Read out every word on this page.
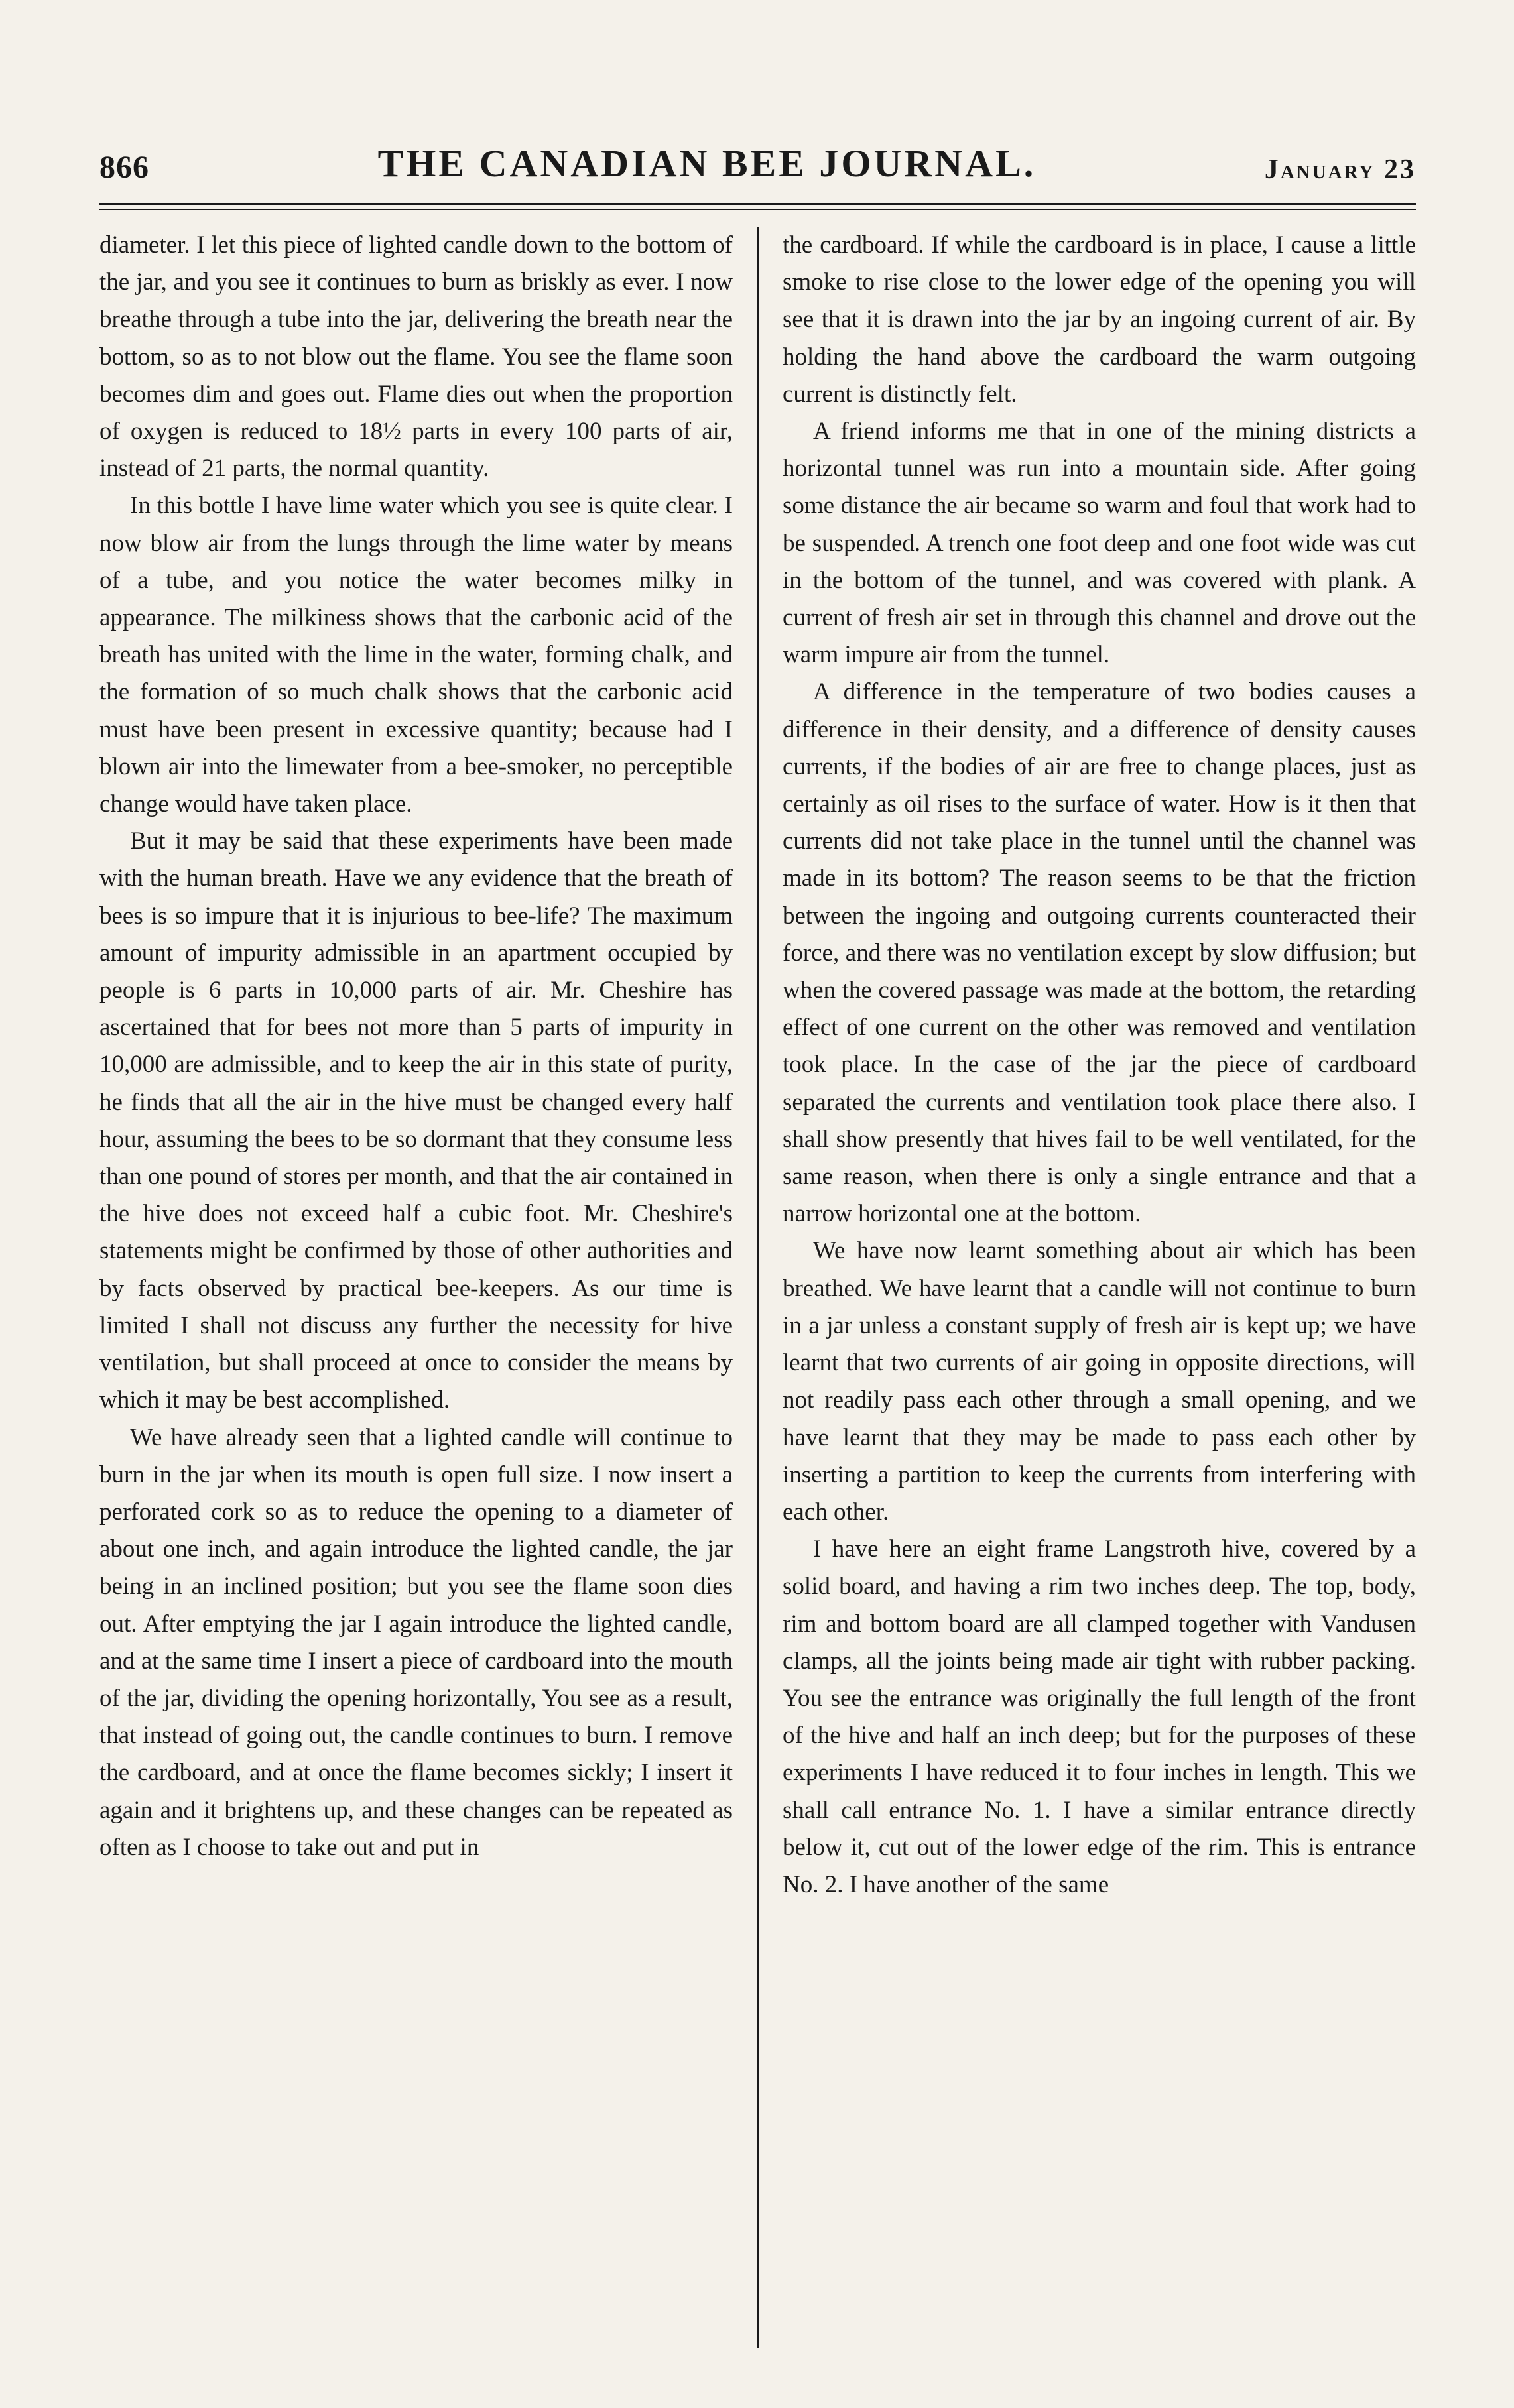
866	THE CANADIAN BEE JOURNAL.	January 23

diameter. I let this piece of lighted candle down to the bottom of the jar, and you see it continues to burn as briskly as ever. I now breathe through a tube into the jar, delivering the breath near the bottom, so as to not blow out the flame. You see the flame soon becomes dim and goes out. Flame dies out when the proportion of oxygen is reduced to 18½ parts in every 100 parts of air, instead of 21 parts, the normal quantity.

In this bottle I have lime water which you see is quite clear. I now blow air from the lungs through the lime water by means of a tube, and you notice the water becomes milky in appearance. The milkiness shows that the carbonic acid of the breath has united with the lime in the water, forming chalk, and the formation of so much chalk shows that the carbonic acid must have been present in excessive quantity; because had I blown air into the limewater from a bee-smoker, no perceptible change would have taken place.

But it may be said that these experiments have been made with the human breath. Have we any evidence that the breath of bees is so impure that it is injurious to bee-life? The maximum amount of impurity admissible in an apartment occupied by people is 6 parts in 10,000 parts of air. Mr. Cheshire has ascertained that for bees not more than 5 parts of impurity in 10,000 are admissible, and to keep the air in this state of purity, he finds that all the air in the hive must be changed every half hour, assuming the bees to be so dormant that they consume less than one pound of stores per month, and that the air contained in the hive does not exceed half a cubic foot. Mr. Cheshire's statements might be confirmed by those of other authorities and by facts observed by practical bee-keepers. As our time is limited I shall not discuss any further the necessity for hive ventilation, but shall proceed at once to consider the means by which it may be best accomplished.

We have already seen that a lighted candle will continue to burn in the jar when its mouth is open full size. I now insert a perforated cork so as to reduce the opening to a diameter of about one inch, and again introduce the lighted candle, the jar being in an inclined position; but you see the flame soon dies out. After emptying the jar I again introduce the lighted candle, and at the same time I insert a piece of cardboard into the mouth of the jar, dividing the opening horizontally, You see as a result, that instead of going out, the candle continues to burn. I remove the cardboard, and at once the flame becomes sickly; I insert it again and it brightens up, and these changes can be repeated as often as I choose to take out and put in

the cardboard. If while the cardboard is in place, I cause a little smoke to rise close to the lower edge of the opening you will see that it is drawn into the jar by an ingoing current of air. By holding the hand above the cardboard the warm outgoing current is distinctly felt.

A friend informs me that in one of the mining districts a horizontal tunnel was run into a mountain side. After going some distance the air became so warm and foul that work had to be suspended. A trench one foot deep and one foot wide was cut in the bottom of the tunnel, and was covered with plank. A current of fresh air set in through this channel and drove out the warm impure air from the tunnel.

A difference in the temperature of two bodies causes a difference in their density, and a difference of density causes currents, if the bodies of air are free to change places, just as certainly as oil rises to the surface of water. How is it then that currents did not take place in the tunnel until the channel was made in its bottom? The reason seems to be that the friction between the ingoing and outgoing currents counteracted their force, and there was no ventilation except by slow diffusion; but when the covered passage was made at the bottom, the retarding effect of one current on the other was removed and ventilation took place. In the case of the jar the piece of cardboard separated the currents and ventilation took place there also. I shall show presently that hives fail to be well ventilated, for the same reason, when there is only a single entrance and that a narrow horizontal one at the bottom.

We have now learnt something about air which has been breathed. We have learnt that a candle will not continue to burn in a jar unless a constant supply of fresh air is kept up; we have learnt that two currents of air going in opposite directions, will not readily pass each other through a small opening, and we have learnt that they may be made to pass each other by inserting a partition to keep the currents from interfering with each other.

I have here an eight frame Langstroth hive, covered by a solid board, and having a rim two inches deep. The top, body, rim and bottom board are all clamped together with Vandusen clamps, all the joints being made air tight with rubber packing. You see the entrance was originally the full length of the front of the hive and half an inch deep; but for the purposes of these experiments I have reduced it to four inches in length. This we shall call entrance No. 1. I have a similar entrance directly below it, cut out of the lower edge of the rim. This is entrance No. 2. I have another of the same
